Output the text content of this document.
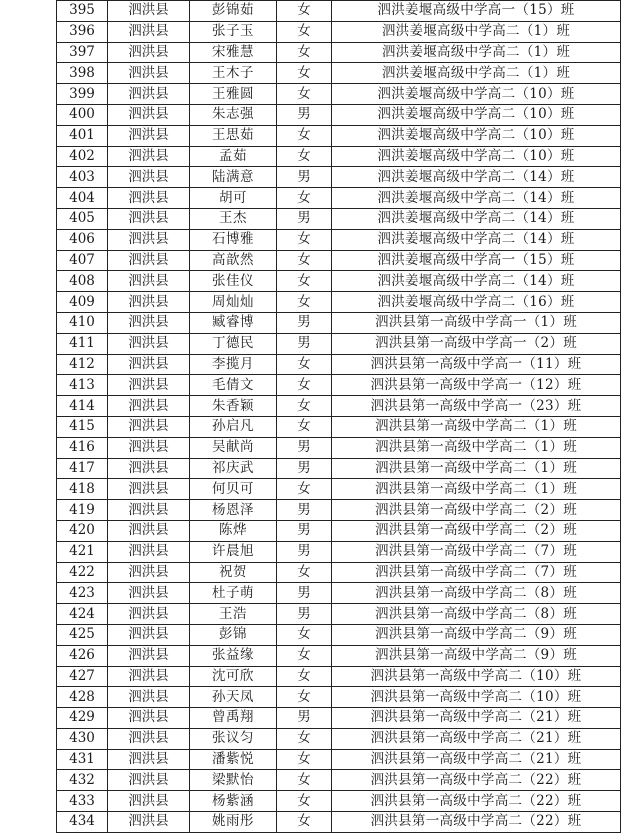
395	泗洪县	彭锦茹	女	泗洪姜堰高级中学高一（15）班
396	泗洪县	张子玉	女	泗洪姜堰高级中学高二（1）班
397	泗洪县	宋雅慧	女	泗洪姜堰高级中学高二（1）班
398	泗洪县	王木子	女	泗洪姜堰高级中学高二（1）班
399	泗洪县	王雅圆	女	泗洪姜堰高级中学高二（10）班
400	泗洪县	朱志强	男	泗洪姜堰高级中学高二（10）班
401	泗洪县	王思茹	女	泗洪姜堰高级中学高二（10）班
402	泗洪县	孟茹	女	泗洪姜堰高级中学高二（10）班
403	泗洪县	陆满意	男	泗洪姜堰高级中学高二（14）班
404	泗洪县	胡可	女	泗洪姜堰高级中学高二（14）班
405	泗洪县	王杰	男	泗洪姜堰高级中学高二（14）班
406	泗洪县	石博雅	女	泗洪姜堰高级中学高二（14）班
407	泗洪县	高歆然	女	泗洪姜堰高级中学高一（15）班
408	泗洪县	张佳仪	女	泗洪姜堰高级中学高二（14）班
409	泗洪县	周灿灿	女	泗洪姜堰高级中学高二（16）班
410	泗洪县	臧睿博	男	泗洪县第一高级中学高一（1）班
411	泗洪县	丁德民	男	泗洪县第一高级中学高一（2）班
412	泗洪县	李揽月	女	泗洪县第一高级中学高一（11）班
413	泗洪县	毛倩文	女	泗洪县第一高级中学高一（12）班
414	泗洪县	朱香颖	女	泗洪县第一高级中学高一（23）班
415	泗洪县	孙启凡	女	泗洪县第一高级中学高二（1）班
416	泗洪县	吴献尚	男	泗洪县第一高级中学高二（1）班
417	泗洪县	祁庆武	男	泗洪县第一高级中学高二（1）班
418	泗洪县	何贝可	女	泗洪县第一高级中学高二（1）班
419	泗洪县	杨恩泽	男	泗洪县第一高级中学高二（2）班
420	泗洪县	陈烨	男	泗洪县第一高级中学高二（2）班
421	泗洪县	许晨旭	男	泗洪县第一高级中学高二（7）班
422	泗洪县	祝贺	女	泗洪县第一高级中学高二（7）班
423	泗洪县	杜子萌	男	泗洪县第一高级中学高二（8）班
424	泗洪县	王浩	男	泗洪县第一高级中学高二（8）班
425	泗洪县	彭锦	女	泗洪县第一高级中学高二（9）班
426	泗洪县	张益缘	女	泗洪县第一高级中学高二（9）班
427	泗洪县	沈可欣	女	泗洪县第一高级中学高二（10）班
428	泗洪县	孙天凤	女	泗洪县第一高级中学高二（10）班
429	泗洪县	曾禹翔	男	泗洪县第一高级中学高二（21）班
430	泗洪县	张议匀	女	泗洪县第一高级中学高二（21）班
431	泗洪县	潘紫悦	女	泗洪县第一高级中学高二（21）班
432	泗洪县	梁默怡	女	泗洪县第一高级中学高二（22）班
433	泗洪县	杨紫涵	女	泗洪县第一高级中学高二（22）班
434	泗洪县	姚雨彤	女	泗洪县第一高级中学高二（22）班
